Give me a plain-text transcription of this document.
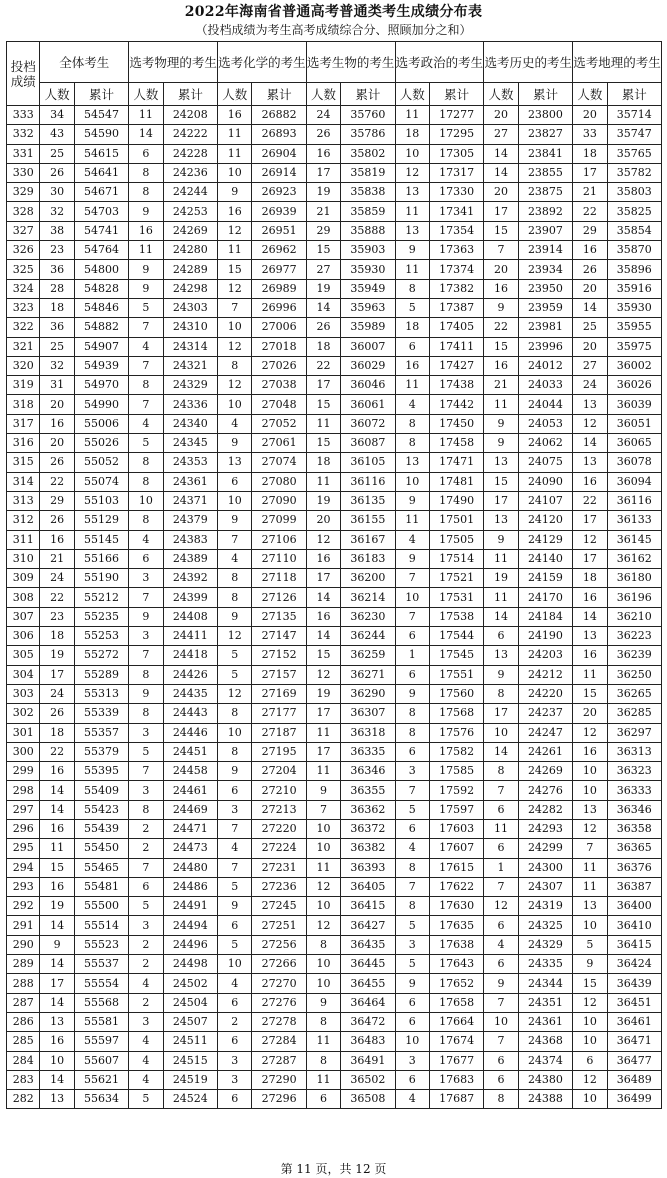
2022年海南省普通高考普通类考生成绩分布表
（投档成绩为考生高考成绩综合分、照顾加分之和）
投档成绩	全体考生		选考物理的考生		选考化学的考生		选考生物的考生		选考政治的考生		选考历史的考生		选考地理的考生	
	人数	累计	人数	累计	人数	累计	人数	累计	人数	累计	人数	累计	人数	累计
333	34	54547	11	24208	16	26882	24	35760	11	17277	20	23800	20	35714
332	43	54590	14	24222	11	26893	26	35786	18	17295	27	23827	33	35747
331	25	54615	6	24228	11	26904	16	35802	10	17305	14	23841	18	35765
330	26	54641	8	24236	10	26914	17	35819	12	17317	14	23855	17	35782
329	30	54671	8	24244	9	26923	19	35838	13	17330	20	23875	21	35803
328	32	54703	9	24253	16	26939	21	35859	11	17341	17	23892	22	35825
327	38	54741	16	24269	12	26951	29	35888	13	17354	15	23907	29	35854
326	23	54764	11	24280	11	26962	15	35903	9	17363	7	23914	16	35870
325	36	54800	9	24289	15	26977	27	35930	11	17374	20	23934	26	35896
324	28	54828	9	24298	12	26989	19	35949	8	17382	16	23950	20	35916
323	18	54846	5	24303	7	26996	14	35963	5	17387	9	23959	14	35930
322	36	54882	7	24310	10	27006	26	35989	18	17405	22	23981	25	35955
321	25	54907	4	24314	12	27018	18	36007	6	17411	15	23996	20	35975
320	32	54939	7	24321	8	27026	22	36029	16	17427	16	24012	27	36002
319	31	54970	8	24329	12	27038	17	36046	11	17438	21	24033	24	36026
318	20	54990	7	24336	10	27048	15	36061	4	17442	11	24044	13	36039
317	16	55006	4	24340	4	27052	11	36072	8	17450	9	24053	12	36051
316	20	55026	5	24345	9	27061	15	36087	8	17458	9	24062	14	36065
315	26	55052	8	24353	13	27074	18	36105	13	17471	13	24075	13	36078
314	22	55074	8	24361	6	27080	11	36116	10	17481	15	24090	16	36094
313	29	55103	10	24371	10	27090	19	36135	9	17490	17	24107	22	36116
312	26	55129	8	24379	9	27099	20	36155	11	17501	13	24120	17	36133
311	16	55145	4	24383	7	27106	12	36167	4	17505	9	24129	12	36145
310	21	55166	6	24389	4	27110	16	36183	9	17514	11	24140	17	36162
309	24	55190	3	24392	8	27118	17	36200	7	17521	19	24159	18	36180
308	22	55212	7	24399	8	27126	14	36214	10	17531	11	24170	16	36196
307	23	55235	9	24408	9	27135	16	36230	7	17538	14	24184	14	36210
306	18	55253	3	24411	12	27147	14	36244	6	17544	6	24190	13	36223
305	19	55272	7	24418	5	27152	15	36259	1	17545	13	24203	16	36239
304	17	55289	8	24426	5	27157	12	36271	6	17551	9	24212	11	36250
303	24	55313	9	24435	12	27169	19	36290	9	17560	8	24220	15	36265
302	26	55339	8	24443	8	27177	17	36307	8	17568	17	24237	20	36285
301	18	55357	3	24446	10	27187	11	36318	8	17576	10	24247	12	36297
300	22	55379	5	24451	8	27195	17	36335	6	17582	14	24261	16	36313
299	16	55395	7	24458	9	27204	11	36346	3	17585	8	24269	10	36323
298	14	55409	3	24461	6	27210	9	36355	7	17592	7	24276	10	36333
297	14	55423	8	24469	3	27213	7	36362	5	17597	6	24282	13	36346
296	16	55439	2	24471	7	27220	10	36372	6	17603	11	24293	12	36358
295	11	55450	2	24473	4	27224	10	36382	4	17607	6	24299	7	36365
294	15	55465	7	24480	7	27231	11	36393	8	17615	1	24300	11	36376
293	16	55481	6	24486	5	27236	12	36405	7	17622	7	24307	11	36387
292	19	55500	5	24491	9	27245	10	36415	8	17630	12	24319	13	36400
291	14	55514	3	24494	6	27251	12	36427	5	17635	6	24325	10	36410
290	9	55523	2	24496	5	27256	8	36435	3	17638	4	24329	5	36415
289	14	55537	2	24498	10	27266	10	36445	5	17643	6	24335	9	36424
288	17	55554	4	24502	4	27270	10	36455	9	17652	9	24344	15	36439
287	14	55568	2	24504	6	27276	9	36464	6	17658	7	24351	12	36451
286	13	55581	3	24507	2	27278	8	36472	6	17664	10	24361	10	36461
285	16	55597	4	24511	6	27284	11	36483	10	17674	7	24368	10	36471
284	10	55607	4	24515	3	27287	8	36491	3	17677	6	24374	6	36477
283	14	55621	4	24519	3	27290	11	36502	6	17683	6	24380	12	36489
282	13	55634	5	24524	6	27296	6	36508	4	17687	8	24388	10	36499
第 11 页，共 12 页
